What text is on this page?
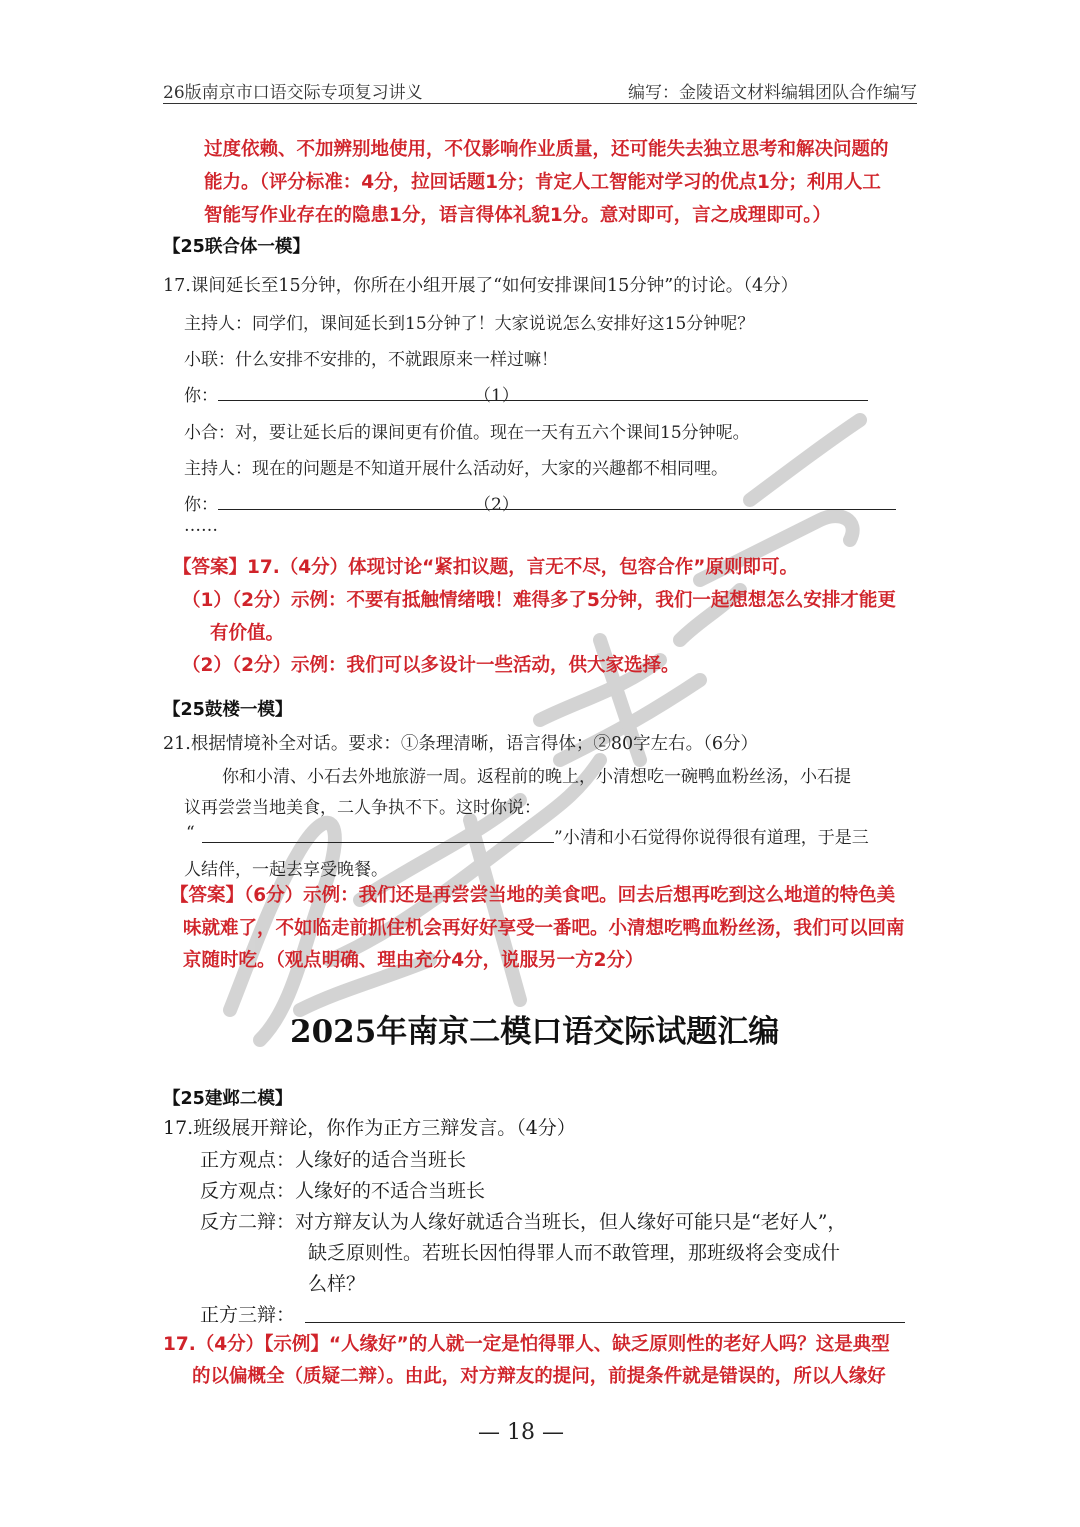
26版南京市口语交际专项复习讲义	编写：金陵语文材料编辑团队合作编写
过度依赖、不加辨别地使用，不仅影响作业质量，还可能失去独立思考和解决问题的
能力。（评分标准：4分，拉回话题1分；肯定人工智能对学习的优点1分；利用人工
智能写作业存在的隐患1分，语言得体礼貌1分。意对即可，言之成理即可。）
【25联合体一模】
17.课间延长至15分钟，你所在小组开展了“如何安排课间15分钟”的讨论。（4分）
主持人：同学们，课间延长到15分钟了！大家说说怎么安排好这15分钟呢？
小联：什么安排不安排的，不就跟原来一样过嘛！
你：	（1）
小合：对，要让延长后的课间更有价值。现在一天有五六个课间15分钟呢。
主持人：现在的问题是不知道开展什么活动好，大家的兴趣都不相同哩。
你：	（2）
……
【答案】17.（4分）体现讨论“紧扣议题，言无不尽，包容合作”原则即可。
（1）（2分）示例：不要有抵触情绪哦！难得多了5分钟，我们一起想想怎么安排才能更
有价值。
（2）（2分）示例：我们可以多设计一些活动，供大家选择。
【25鼓楼一模】
21.根据情境补全对话。要求：①条理清晰，语言得体；②80字左右。（6分）
你和小清、小石去外地旅游一周。返程前的晚上，小清想吃一碗鸭血粉丝汤，小石提
议再尝尝当地美食，二人争执不下。这时你说：
“	”小清和小石觉得你说得很有道理，于是三
人结伴，一起去享受晚餐。
【答案】（6分）示例：我们还是再尝尝当地的美食吧。回去后想再吃到这么地道的特色美
味就难了，不如临走前抓住机会再好好享受一番吧。小清想吃鸭血粉丝汤，我们可以回南
京随时吃。（观点明确、理由充分4分，说服另一方2分）
2025年南京二模口语交际试题汇编
【25建邺二模】
17.班级展开辩论，你作为正方三辩发言。（4分）
正方观点：人缘好的适合当班长
反方观点：人缘好的不适合当班长
反方二辩：对方辩友认为人缘好就适合当班长，但人缘好可能只是“老好人”，
缺乏原则性。若班长因怕得罪人而不敢管理，那班级将会变成什
么样？
正方三辩：
17.（4分）【示例】“人缘好”的人就一定是怕得罪人、缺乏原则性的老好人吗？这是典型
的以偏概全（质疑二辩）。由此，对方辩友的提问，前提条件就是错误的，所以人缘好
— 18 —
